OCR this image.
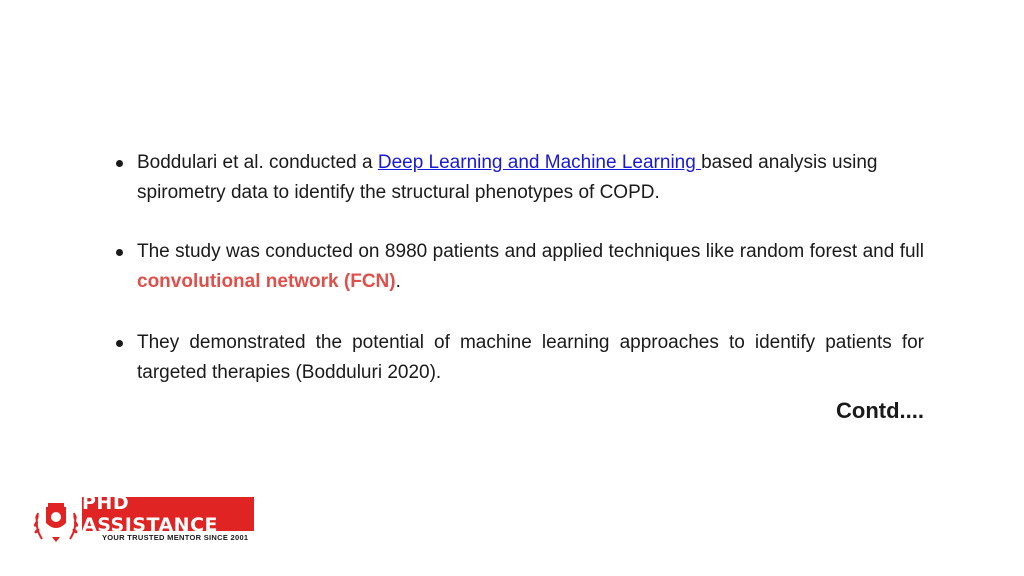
Boddulari et al. conducted a Deep Learning and Machine Learning based analysis using spirometry data to identify the structural phenotypes of COPD.
The study was conducted on 8980 patients and applied techniques like random forest and full convolutional network (FCN).
They demonstrated the potential of machine learning approaches to identify patients for targeted therapies (Bodduluri 2020).
Contd....
PHD ASSISTANCE
YOUR TRUSTED MENTOR SINCE 2001
